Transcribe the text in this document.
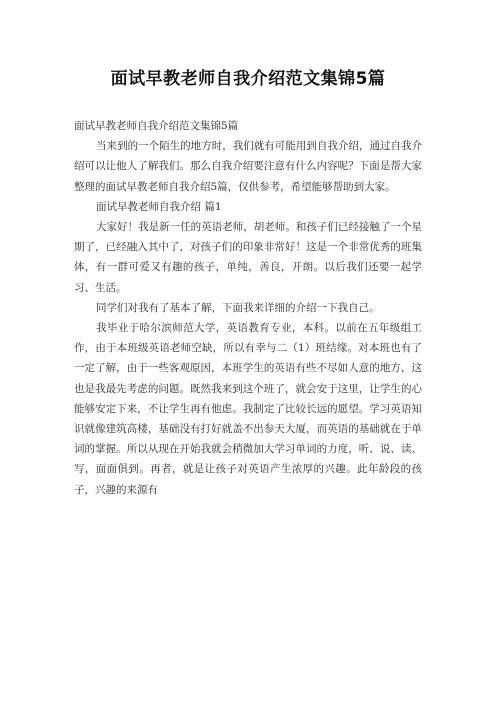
面试早教老师自我介绍范文集锦5篇

面试早教老师自我介绍范文集锦5篇

当来到的一个陌生的地方时，我们就有可能用到自我介绍，通过自我介绍可以让他人了解我们。那么自我介绍要注意有什么内容呢？下面是帮大家整理的面试早教老师自我介绍5篇，仅供参考，希望能够帮助到大家。

面试早教老师自我介绍 篇1

大家好！我是新一任的英语老师，胡老师。和孩子们已经接触了一个星期了，已经融入其中了，对孩子们的印象非常好！这是一个非常优秀的班集体，有一群可爱又有趣的孩子，单纯，善良，开朗。以后我们还要一起学习、生活。

同学们对我有了基本了解，下面我来详细的介绍一下我自己。

我毕业于哈尔滨师范大学，英语教育专业，本科。以前在五年级组工作，由于本班级英语老师空缺，所以有幸与二（1）班结缘。对本班也有了一定了解，由于一些客观原因，本班学生的英语有些不尽如人意的地方，这也是我最先考虑的问题。既然我来到这个班了，就会安于这里，让学生的心能够安定下来，不让学生再有他虑。我制定了比较长远的愿望。学习英语知识就像建筑高楼，基础没有打好就盖不出参天大厦，而英语的基础就在于单词的掌握。所以从现在开始我就会稍微加大学习单词的力度，听、说、读、写，面面俱到。再者，就是让孩子对英语产生浓厚的兴趣。此年龄段的孩子，兴趣的来源有
